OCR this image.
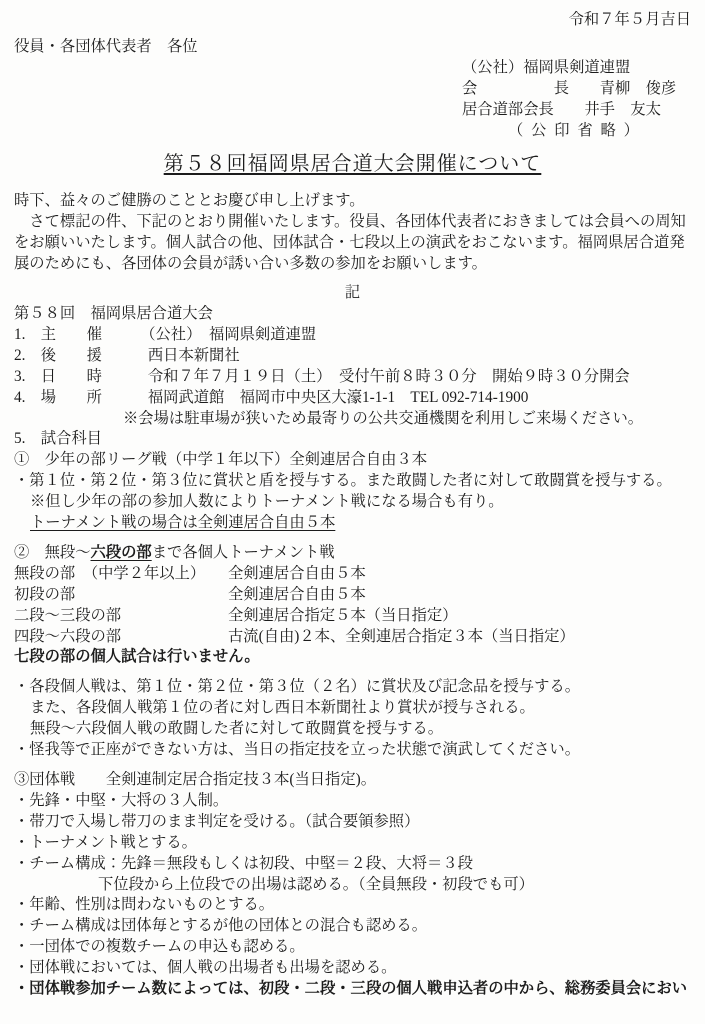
令和７年５月吉日
役員・各団体代表者　各位
（公社）福岡県剣道連盟
会　　　　　長　　青柳　俊彦
居合道部会長　　井手　友太
（ 公 印 省 略 ）
第５８回福岡県居合道大会開催について
時下、益々のご健勝のこととお慶び申し上げます。
　さて標記の件、下記のとおり開催いたします。役員、各団体代表者におきましては会員への周知
をお願いいたします。個人試合の他、団体試合・七段以上の演武をおこないます。福岡県居合道発
展のためにも、各団体の会員が誘い合い多数の参加をお願いします。
記
第５８回　福岡県居合道大会
1.　主　　催　　　（公社）　福岡県剣道連盟
2.　後　　援　　　西日本新聞社
3.　日　　時　　　令和７年７月１９日（土）　受付午前８時３０分　開始９時３０分開会
4.　場　　所　　　福岡武道館　福岡市中央区大濠1-1-1　TEL 092-714-1900
※会場は駐車場が狭いため最寄りの公共交通機関を利用しご来場ください。
5.　試合科目
①　少年の部リーグ戦（中学１年以下）全剣連居合自由３本
・第１位・第２位・第３位に賞状と盾を授与する。また敢闘した者に対して敢闘賞を授与する。
※但し少年の部の参加人数によりトーナメント戦になる場合も有り。
トーナメント戦の場合は全剣連居合自由５本
②　無段～六段の部まで各個人トーナメント戦
無段の部　（中学２年以上） 全剣連居合自由５本
初段の部	全剣連居合自由５本
二段～三段の部	全剣連居合指定５本（当日指定）
四段～六段の部	古流(自由)２本、全剣連居合指定３本（当日指定）
七段の部の個人試合は行いません。
・各段個人戦は、第１位・第２位・第３位（２名）に賞状及び記念品を授与する。
また、各段個人戦第１位の者に対し西日本新聞社より賞状が授与される。
無段～六段個人戦の敢闘した者に対して敢闘賞を授与する。
・怪我等で正座ができない方は、当日の指定技を立った状態で演武してください。
③団体戦　　全剣連制定居合指定技３本(当日指定)。
・先鋒・中堅・大将の３人制。
・帯刀で入場し帯刀のまま判定を受ける。（試合要領参照）
・トーナメント戦とする。
・チーム構成：先鋒＝無段もしくは初段、中堅＝２段、大将＝３段
下位段から上位段での出場は認める。（全員無段・初段でも可）
・年齢、性別は問わないものとする。
・チーム構成は団体毎とするが他の団体との混合も認める。
・一団体での複数チームの申込も認める。
・団体戦においては、個人戦の出場者も出場を認める。
・団体戦参加チーム数によっては、初段・二段・三段の個人戦申込者の中から、総務委員会におい
